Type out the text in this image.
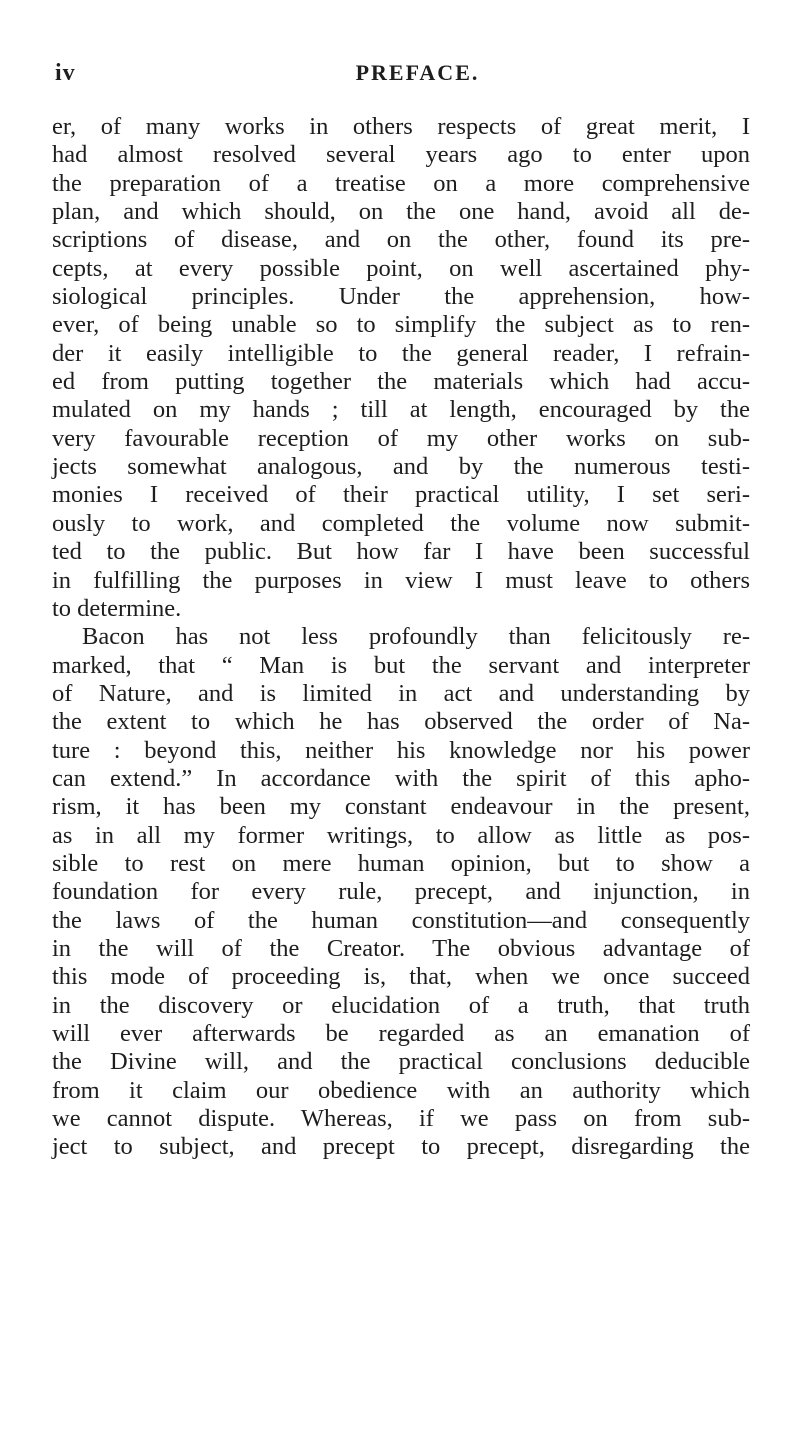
iv	PREFACE.
er, of many works in others respects of great merit, I
had almost resolved several years ago to enter upon
the preparation of a treatise on a more comprehensive
plan, and which should, on the one hand, avoid all de-
scriptions of disease, and on the other, found its pre-
cepts, at every possible point, on well ascertained phy-
siological principles. Under the apprehension, how-
ever, of being unable so to simplify the subject as to ren-
der it easily intelligible to the general reader, I refrain-
ed from putting together the materials which had accu-
mulated on my hands ; till at length, encouraged by the
very favourable reception of my other works on sub-
jects somewhat analogous, and by the numerous testi-
monies I received of their practical utility, I set seri-
ously to work, and completed the volume now submit-
ted to the public. But how far I have been successful
in fulfilling the purposes in view I must leave to others
to determine.
Bacon has not less profoundly than felicitously re-
marked, that “ Man is but the servant and interpreter
of Nature, and is limited in act and understanding by
the extent to which he has observed the order of Na-
ture : beyond this, neither his knowledge nor his power
can extend.” In accordance with the spirit of this apho-
rism, it has been my constant endeavour in the present,
as in all my former writings, to allow as little as pos-
sible to rest on mere human opinion, but to show a
foundation for every rule, precept, and injunction, in
the laws of the human constitution—and consequently
in the will of the Creator. The obvious advantage of
this mode of proceeding is, that, when we once succeed
in the discovery or elucidation of a truth, that truth
will ever afterwards be regarded as an emanation of
the Divine will, and the practical conclusions deducible
from it claim our obedience with an authority which
we cannot dispute. Whereas, if we pass on from sub-
ject to subject, and precept to precept, disregarding the
